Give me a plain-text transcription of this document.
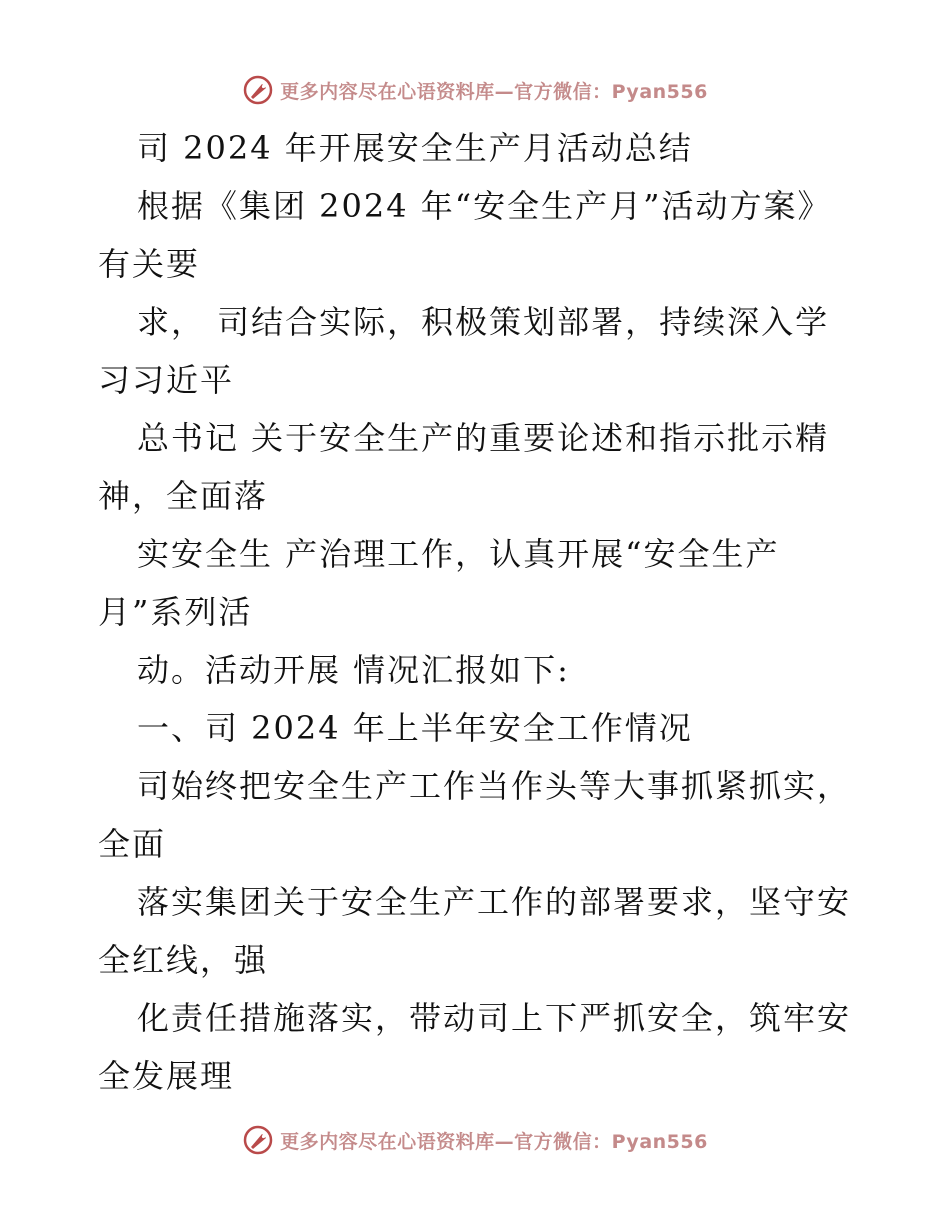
更多内容尽在心语资料库—官方微信：Pyan556
司 2024 年开展安全生产月活动总结
根据《集团 2024 年“安全生产月”活动方案》
有关要
求， 司结合实际，积极策划部署，持续深入学
习习近平
总书记 关于安全生产的重要论述和指示批示精
神，全面落
实安全生 产治理工作，认真开展“安全生产
月”系列活
动。活动开展 情况汇报如下:
一、司 2024 年上半年安全工作情况
司始终把安全生产工作当作头等大事抓紧抓实，
全面
落实集团关于安全生产工作的部署要求，坚守安
全红线，强
化责任措施落实，带动司上下严抓安全，筑牢安
全发展理
更多内容尽在心语资料库—官方微信：Pyan556
